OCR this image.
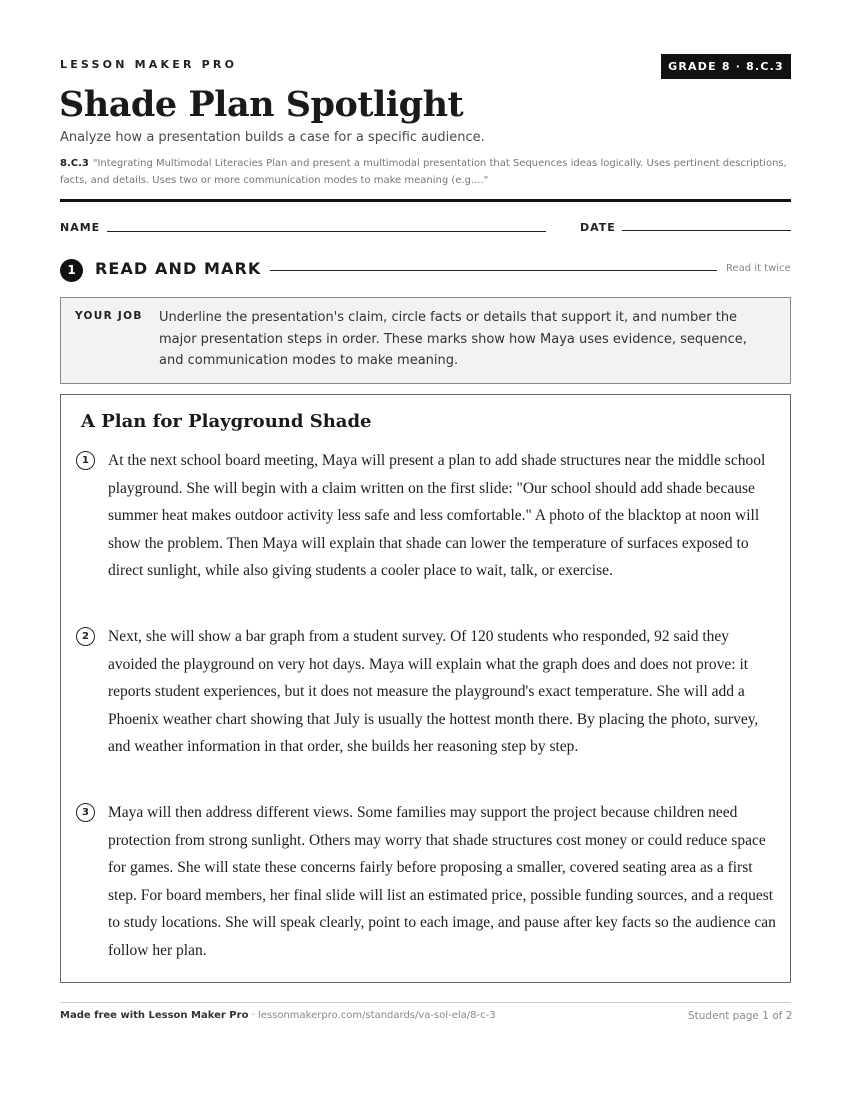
LESSON MAKER PRO	GRADE 8 · 8.C.3
Shade Plan Spotlight
Analyze how a presentation builds a case for a specific audience.
8.C.3 "Integrating Multimodal Literacies Plan and present a multimodal presentation that Sequences ideas logically. Uses pertinent descriptions, facts, and details. Uses two or more communication modes to make meaning (e.g...."
NAME	DATE
1	READ AND MARK	Read it twice
YOUR JOB Underline the presentation's claim, circle facts or details that support it, and number the major presentation steps in order. These marks show how Maya uses evidence, sequence, and communication modes to make meaning.
A Plan for Playground Shade
1	At the next school board meeting, Maya will present a plan to add shade structures near the middle school playground. She will begin with a claim written on the first slide: "Our school should add shade because summer heat makes outdoor activity less safe and less comfortable." A photo of the blacktop at noon will show the problem. Then Maya will explain that shade can lower the temperature of surfaces exposed to direct sunlight, while also giving students a cooler place to wait, talk, or exercise.
2	Next, she will show a bar graph from a student survey. Of 120 students who responded, 92 said they avoided the playground on very hot days. Maya will explain what the graph does and does not prove: it reports student experiences, but it does not measure the playground's exact temperature. She will add a Phoenix weather chart showing that July is usually the hottest month there. By placing the photo, survey, and weather information in that order, she builds her reasoning step by step.
3	Maya will then address different views. Some families may support the project because children need protection from strong sunlight. Others may worry that shade structures cost money or could reduce space for games. She will state these concerns fairly before proposing a smaller, covered seating area as a first step. For board members, her final slide will list an estimated price, possible funding sources, and a request to study locations. She will speak clearly, point to each image, and pause after key facts so the audience can follow her plan.
Made free with Lesson Maker Pro · lessonmakerpro.com/standards/va-sol-ela/8-c-3	Student page 1 of 2
